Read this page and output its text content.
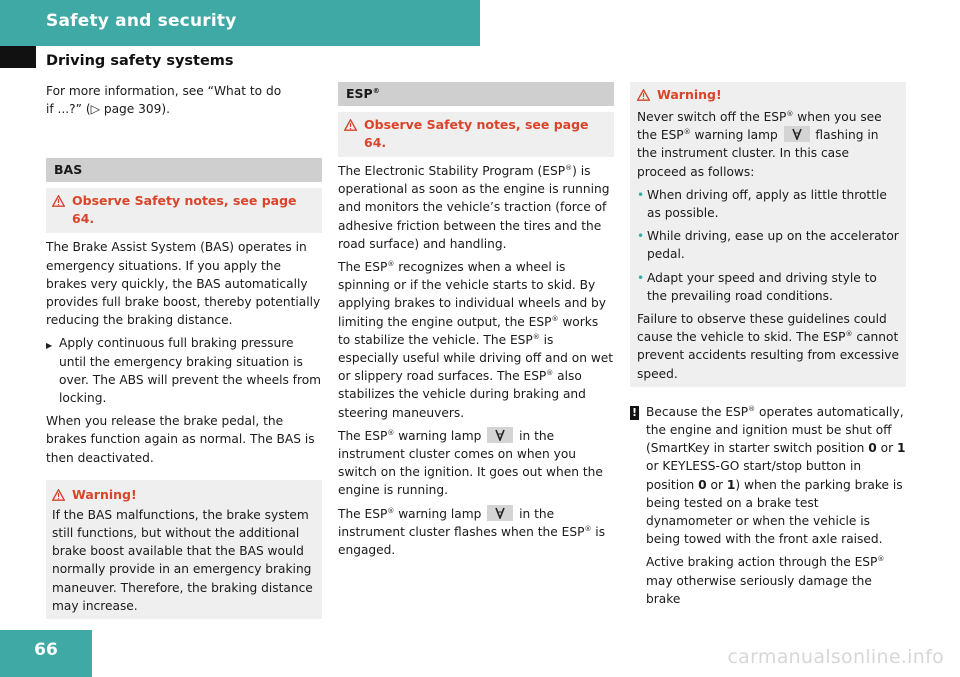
Safety and security
Driving safety systems

For more information, see “What to do
if ...?” (▷ page 309).

BAS
Observe Safety notes, see page 64.

The Brake Assist System (BAS) operates in emergency situations. If you apply the brakes very quickly, the BAS automatically provides full brake boost, thereby potentially reducing the braking distance.

▶ Apply continuous full braking pressure until the emergency braking situation is over. The ABS will prevent the wheels from locking.

When you release the brake pedal, the brakes function again as normal. The BAS is then deactivated.

Warning!

If the BAS malfunctions, the brake system still functions, but without the additional brake boost available that the BAS would normally provide in an emergency braking maneuver. Therefore, the braking distance may increase.

ESP®
Observe Safety notes, see page 64.

The Electronic Stability Program (ESP®) is operational as soon as the engine is running and monitors the vehicle’s traction (force of adhesive friction between the tires and the road surface) and handling.

The ESP® recognizes when a wheel is spinning or if the vehicle starts to skid. By applying brakes to individual wheels and by limiting the engine output, the ESP® works to stabilize the vehicle. The ESP® is especially useful while driving off and on wet or slippery road surfaces. The ESP® also stabilizes the vehicle during braking and steering maneuvers.

The ESP® warning lamp	in the instrument cluster comes on when you switch on the ignition. It goes out when the engine is running.

The ESP® warning lamp	in the instrument cluster flashes when the ESP® is engaged.

Warning!

Never switch off the ESP® when you see the ESP® warning lamp	flashing in the instrument cluster. In this case proceed as follows:

• When driving off, apply as little throttle as possible.
• While driving, ease up on the accelerator pedal.
• Adapt your speed and driving style to the prevailing road conditions.

Failure to observe these guidelines could cause the vehicle to skid. The ESP® cannot prevent accidents resulting from excessive speed.

! Because the ESP® operates automatically, the engine and ignition must be shut off (SmartKey in starter switch position 0 or 1 or KEYLESS-GO start/stop button in position 0 or 1) when the parking brake is being tested on a brake test dynamometer or when the vehicle is being towed with the front axle raised.

Active braking action through the ESP®
may otherwise seriously damage the brake

66	carmanualsonline.info
